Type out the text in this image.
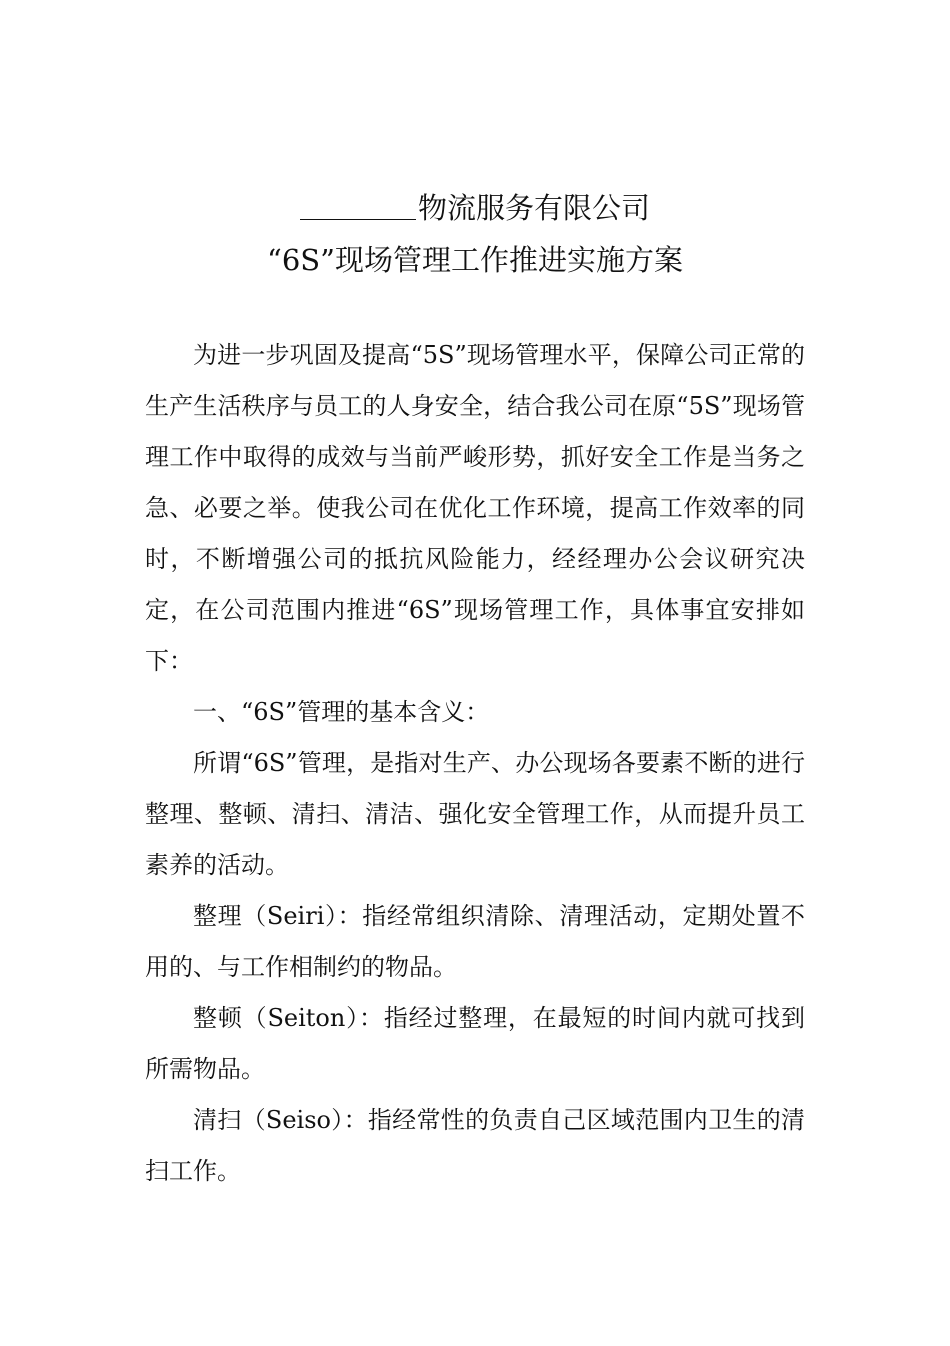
物流服务有限公司
“6S”现场管理工作推进实施方案

为进一步巩固及提高“5S”现场管理水平，保障公司正常的生产生活秩序与员工的人身安全，结合我公司在原“5S”现场管理工作中取得的成效与当前严峻形势，抓好安全工作是当务之急、必要之举。使我公司在优化工作环境，提高工作效率的同时，不断增强公司的抵抗风险能力，经经理办公会议研究决定，在公司范围内推进“6S”现场管理工作，具体事宜安排如下：

一、“6S”管理的基本含义：

所谓“6S”管理，是指对生产、办公现场各要素不断的进行整理、整顿、清扫、清洁、强化安全管理工作，从而提升员工素养的活动。

整理（Seiri）：指经常组织清除、清理活动，定期处置不用的、与工作相制约的物品。

整顿（Seiton）：指经过整理，在最短的时间内就可找到所需物品。

清扫（Seiso）：指经常性的负责自己区域范围内卫生的清扫工作。
